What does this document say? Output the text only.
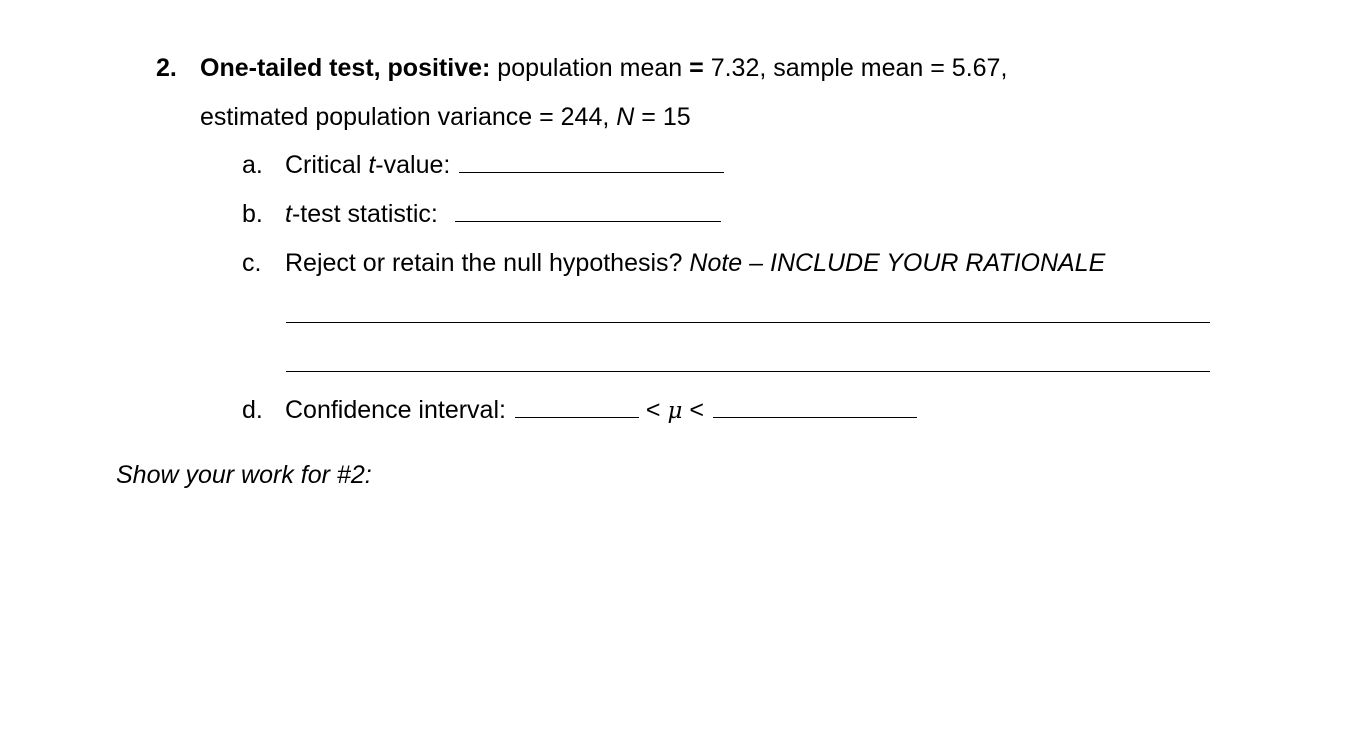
2. One-tailed test, positive: population mean = 7.32, sample mean = 5.67,
estimated population variance = 244, N = 15
a. Critical t-value:
b. t-test statistic:
c. Reject or retain the null hypothesis? Note – INCLUDE YOUR RATIONALE
d. Confidence interval:	< μ <
Show your work for #2:
